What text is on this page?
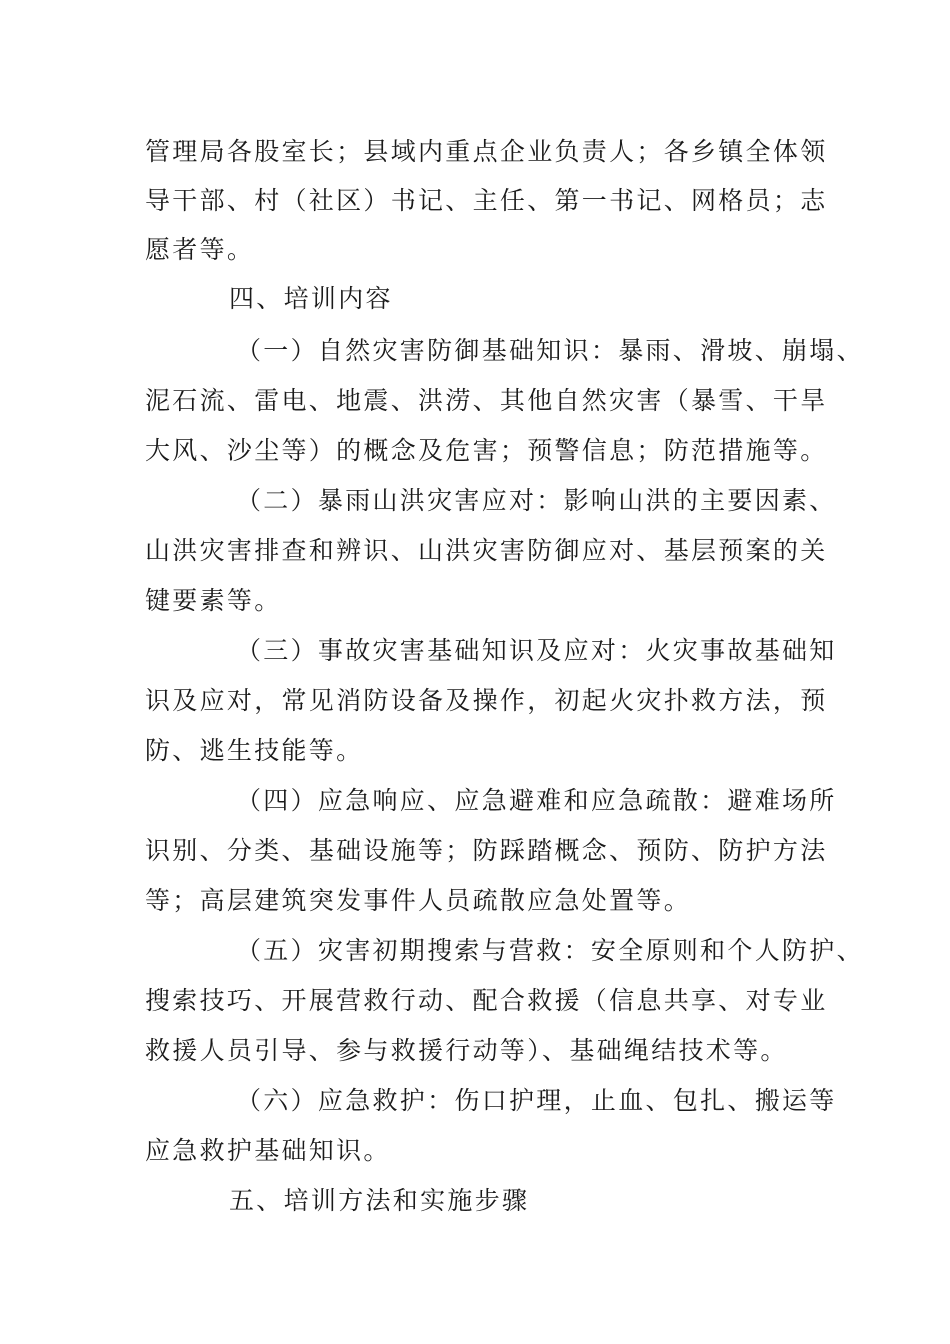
管理局各股室长；县域内重点企业负责人；各乡镇全体领

导干部、村（社区）书记、主任、第一书记、网格员；志

愿者等。

四、培训内容

（一）自然灾害防御基础知识：暴雨、滑坡、崩塌、

泥石流、雷电、地震、洪涝、其他自然灾害（暴雪、干旱

大风、沙尘等）的概念及危害；预警信息；防范措施等。

（二）暴雨山洪灾害应对：影响山洪的主要因素、

山洪灾害排查和辨识、山洪灾害防御应对、基层预案的关

键要素等。

（三）事故灾害基础知识及应对：火灾事故基础知

识及应对，常见消防设备及操作，初起火灾扑救方法，预

防、逃生技能等。

（四）应急响应、应急避难和应急疏散：避难场所

识别、分类、基础设施等；防踩踏概念、预防、防护方法

等；高层建筑突发事件人员疏散应急处置等。

（五）灾害初期搜索与营救：安全原则和个人防护、

搜索技巧、开展营救行动、配合救援（信息共享、对专业

救援人员引导、参与救援行动等）、基础绳结技术等。

（六）应急救护：伤口护理，止血、包扎、搬运等

应急救护基础知识。

五、培训方法和实施步骤
